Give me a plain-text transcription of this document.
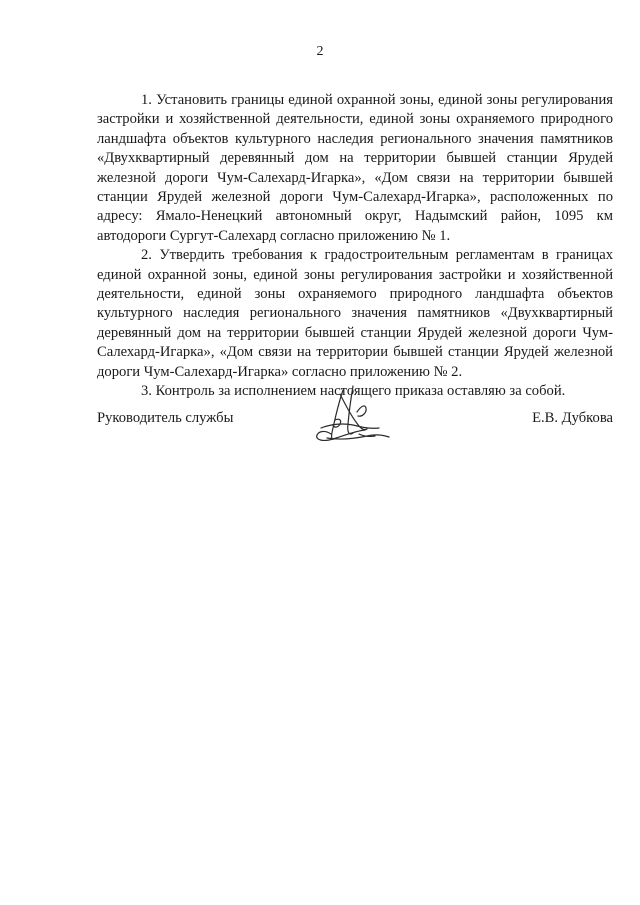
2

1. Установить границы единой охранной зоны, единой зоны регулирования застройки и хозяйственной деятельности, единой зоны охраняемого природного ландшафта объектов культурного наследия регионального значения памятников «Двухквартирный деревянный дом на территории бывшей станции Ярудей железной дороги Чум-Салехард-Игарка», «Дом связи на территории бывшей станции Ярудей железной дороги Чум-Салехард-Игарка», расположенных по адресу: Ямало-Ненецкий автономный округ, Надымский район, 1095 км автодороги Сургут-Салехард согласно приложению № 1.

2. Утвердить требования к градостроительным регламентам в границах единой охранной зоны, единой зоны регулирования застройки и хозяйственной деятельности, единой зоны охраняемого природного ландшафта объектов культурного наследия регионального значения памятников «Двухквартирный деревянный дом на территории бывшей станции Ярудей железной дороги Чум-Салехард-Игарка», «Дом связи на территории бывшей станции Ярудей железной дороги Чум-Салехард-Игарка» согласно приложению № 2.

3. Контроль за исполнением настоящего приказа оставляю за собой.

Руководитель службы	Е.В. Дубкова
